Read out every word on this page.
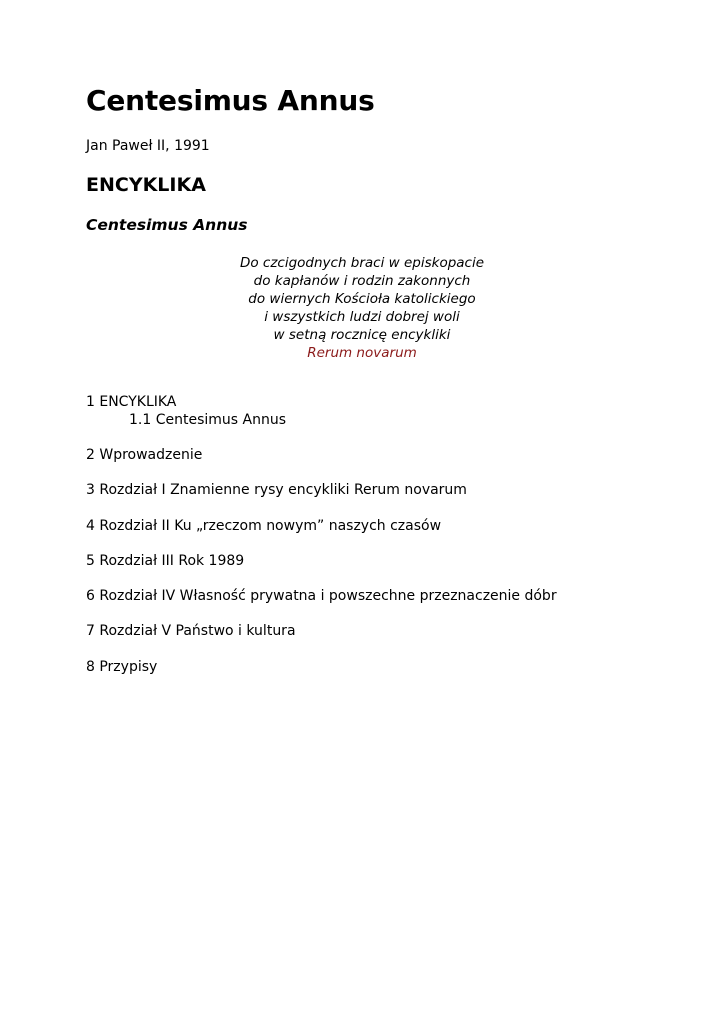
Centesimus Annus
Jan Paweł II, 1991
ENCYKLIKA
Centesimus Annus
Do czcigodnych braci w episkopacie
do kapłanów i rodzin zakonnych
do wiernych Kościoła katolickiego
i wszystkich ludzi dobrej woli
w setną rocznicę encykliki
Rerum novarum
1 ENCYKLIKA
1.1 Centesimus Annus
2 Wprowadzenie
3 Rozdział I Znamienne rysy encykliki Rerum novarum
4 Rozdział II Ku „rzeczom nowym” naszych czasów
5 Rozdział III Rok 1989
6 Rozdział IV Własność prywatna i powszechne przeznaczenie dóbr
7 Rozdział V Państwo i kultura
8 Przypisy
